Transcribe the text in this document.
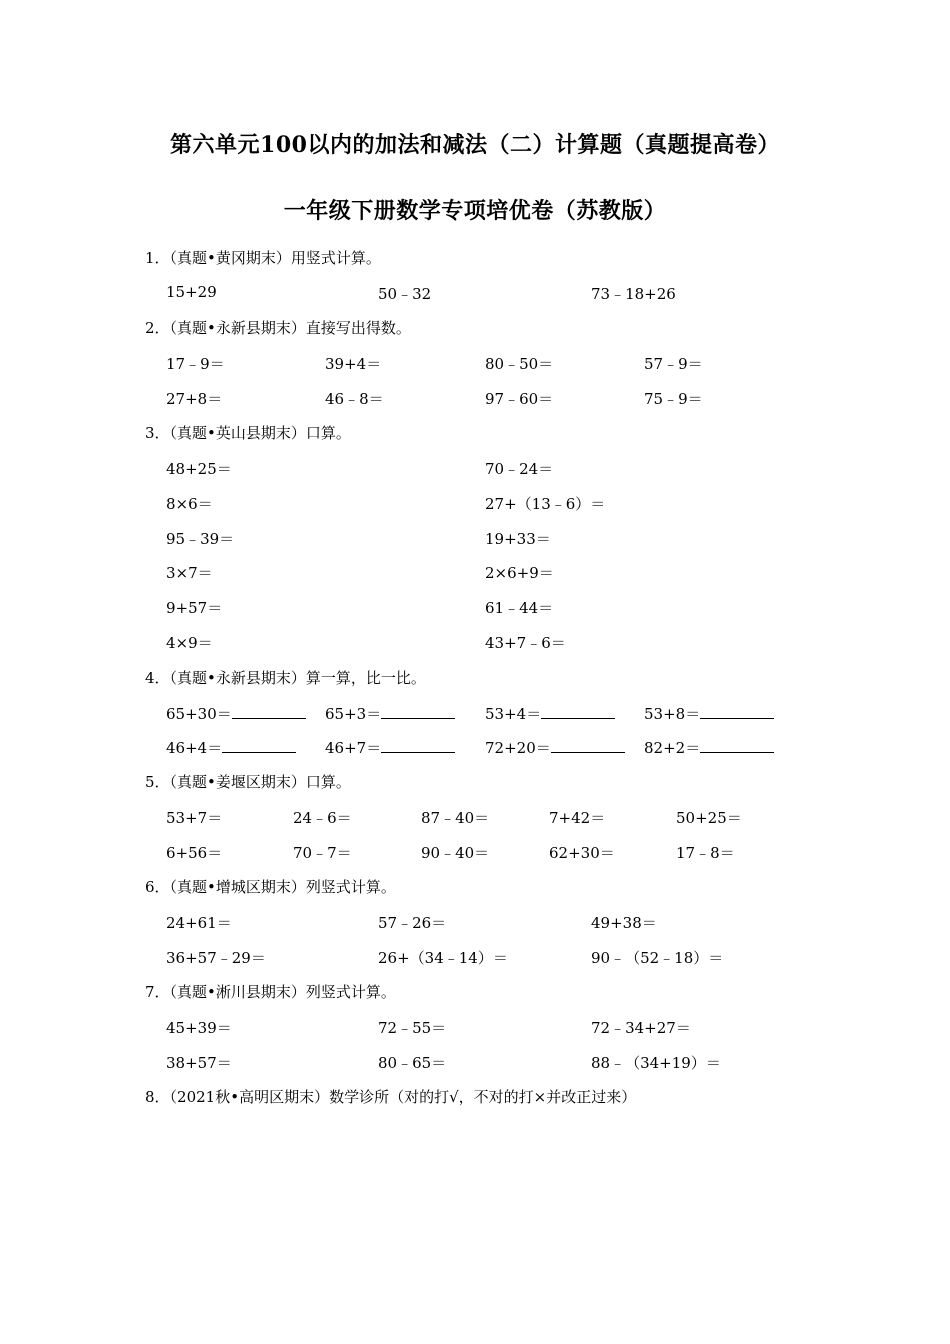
第六单元100以内的加法和减法（二）计算题（真题提高卷）
一年级下册数学专项培优卷（苏教版）
1．（真题•黄冈期末）用竖式计算。
15+29	50﹣32	73﹣18+26
2．（真题•永新县期末）直接写出得数。
17﹣9＝	39+4＝	80﹣50＝	57﹣9＝
27+8＝	46﹣8＝	97﹣60＝	75﹣9＝
3．（真题•英山县期末）口算。
48+25＝	70﹣24＝
8×6＝	27+（13﹣6）＝
95﹣39＝	19+33＝
3×7＝	2×6+9＝
9+57＝	61﹣44＝
4×9＝	43+7﹣6＝
4．（真题•永新县期末）算一算，比一比。
65+30＝	65+3＝	53+4＝	53+8＝
46+4＝	46+7＝	72+20＝	82+2＝
5．（真题•姜堰区期末）口算。
53+7＝	24﹣6＝	87﹣40＝	7+42＝	50+25＝
6+56＝	70﹣7＝	90﹣40＝	62+30＝	17﹣8＝
6．（真题•增城区期末）列竖式计算。
24+61＝	57﹣26＝	49+38＝
36+57﹣29＝	26+（34﹣14）＝	90﹣（52﹣18）＝
7．（真题•淅川县期末）列竖式计算。
45+39＝	72﹣55＝	72﹣34+27＝
38+57＝	80﹣65＝	88﹣（34+19）＝
8．（2021秋•高明区期末）数学诊所（对的打√，不对的打×并改正过来）
